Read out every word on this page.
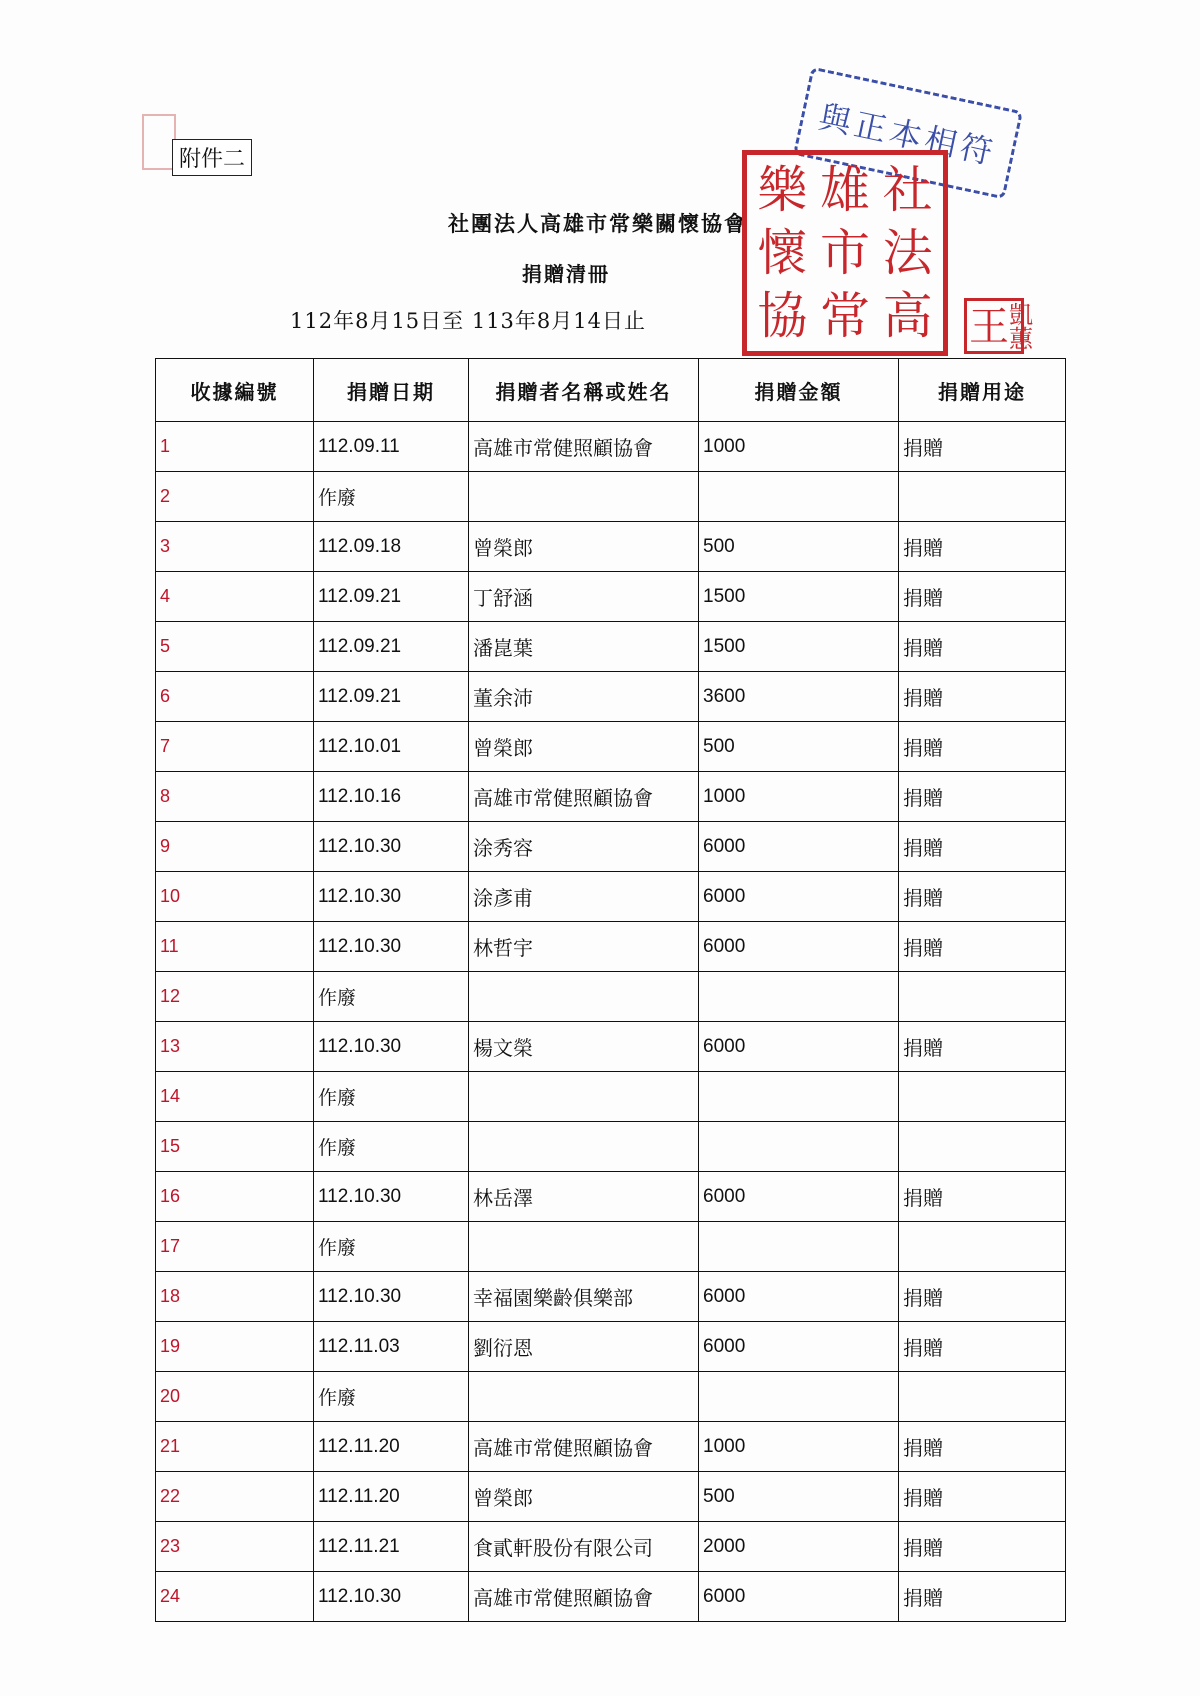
附件二
社團法人高雄市常樂關懷協會
捐贈清冊
112年8月15日至 113年8月14日止
與正本相符
社
法
高
雄
市
常
樂
懷
協	王 凱
蕙
收據編號	捐贈日期	捐贈者名稱或姓名	捐贈金額	捐贈用途
1	112.09.11	高雄市常健照顧協會	1000	捐贈
2	作廢			
3	112.09.18	曾榮郎	500	捐贈
4	112.09.21	丁舒涵	1500	捐贈
5	112.09.21	潘崑葉	1500	捐贈
6	112.09.21	董余沛	3600	捐贈
7	112.10.01	曾榮郎	500	捐贈
8	112.10.16	高雄市常健照顧協會	1000	捐贈
9	112.10.30	涂秀容	6000	捐贈
10	112.10.30	涂彥甫	6000	捐贈
11	112.10.30	林哲宇	6000	捐贈
12	作廢			
13	112.10.30	楊文榮	6000	捐贈
14	作廢			
15	作廢			
16	112.10.30	林岳澤	6000	捐贈
17	作廢			
18	112.10.30	幸福園樂齡俱樂部	6000	捐贈
19	112.11.03	劉衍恩	6000	捐贈
20	作廢			
21	112.11.20	高雄市常健照顧協會	1000	捐贈
22	112.11.20	曾榮郎	500	捐贈
23	112.11.21	食貳軒股份有限公司	2000	捐贈
24	112.10.30	高雄市常健照顧協會	6000	捐贈
